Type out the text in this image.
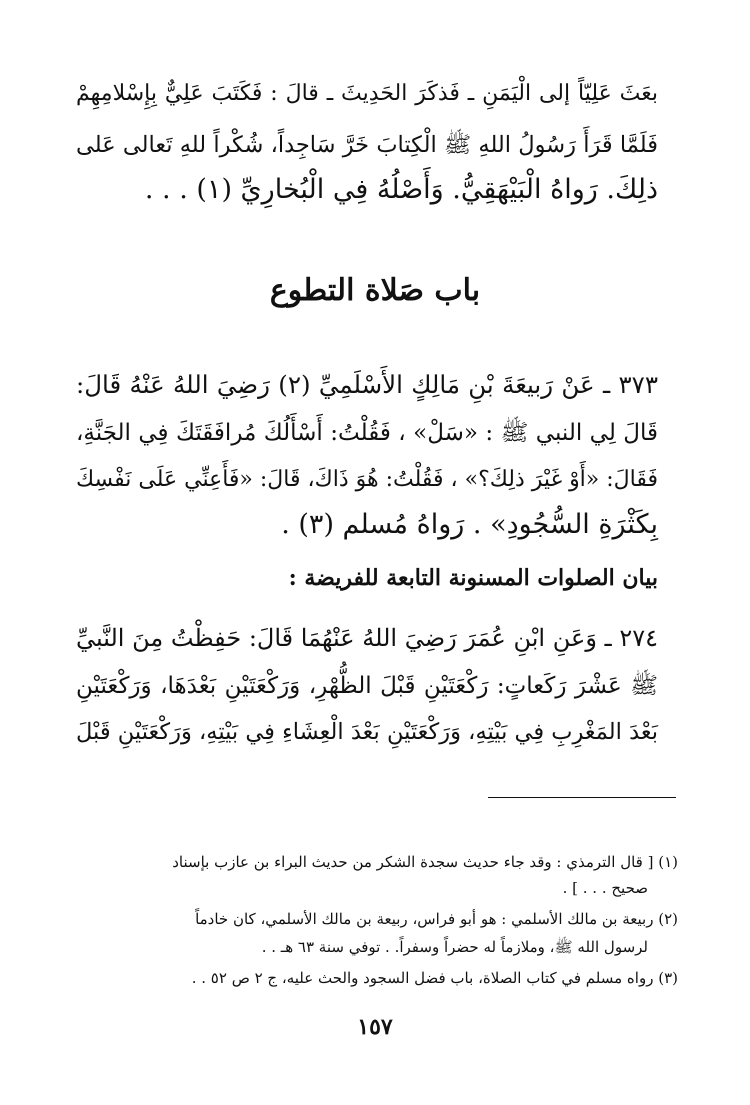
بعَثَ عَلِيّاً إلى الْيَمَنِ ـ فَذكَرَ الحَدِيثَ ـ قالَ : فَكَتَبَ عَلِيٌّ بِإِسْلامِهِمْ
فَلَمَّا قَرَأَ رَسُولُ اللهِ ﷺ الْكِتابَ خَرَّ سَاجِداً، شُكْراً للهِ تَعالى عَلى
ذلِكَ. رَواهُ الْبَيْهَقِيُّ. وَأَصْلُهُ فِي الْبُخارِيِّ (١) . . .
باب صَلاة التطوع
٣٧٣ ـ عَنْ رَبيعَةَ بْنِ مَالِكٍ الأَسْلَمِيِّ (٢) رَضِيَ اللهُ عَنْهُ قَالَ:
قَالَ لِي النبي ﷺ : «سَلْ» ، فَقُلْتُ: أَسْأَلُكَ مُرافَقَتَكَ فِي الجَنَّةِ،
فَقَالَ: «أَوْ غَيْرَ ذلِكَ؟» ، فَقُلْتُ: هُوَ ذَاكَ، قَالَ: «فَأَعِنِّي عَلَى نَفْسِكَ
بِكَثْرَةِ السُّجُودِ» . رَواهُ مُسلم (٣) .
بيان الصلوات المسنونة التابعة للفريضة :
٢٧٤ ـ وَعَنِ ابْنِ عُمَرَ رَضِيَ اللهُ عَنْهُمَا قَالَ: حَفِظْتُ مِنَ النَّبيِّ
ﷺ عَشْرَ رَكَعاتٍ: رَكْعَتَيْنِ قَبْلَ الظُّهْرِ، وَرَكْعَتَيْنِ بَعْدَهَا، وَرَكْعَتَيْنِ
بَعْدَ المَغْرِبِ فِي بَيْتِهِ، وَرَكْعَتَيْنِ بَعْدَ الْعِشَاءِ فِي بَيْتِهِ، وَرَكْعَتَيْنِ قَبْلَ
(١) [ قال الترمذي : وقد جاء حديث سجدة الشكر من حديث البراء بن عازب بإسناد
صحيح . . . ] .
(٢) ربيعة بن مالك الأسلمي : هو أبو فراس، ربيعة بن مالك الأسلمي، كان خادماً
لرسول الله ﷺ، وملازماً له حضراً وسفراً. . توفي سنة ٦٣ هـ . .
(٣) رواه مسلم في كتاب الصلاة، باب فضل السجود والحث عليه، ج ٢ ص ٥٢ . .
١٥٧
